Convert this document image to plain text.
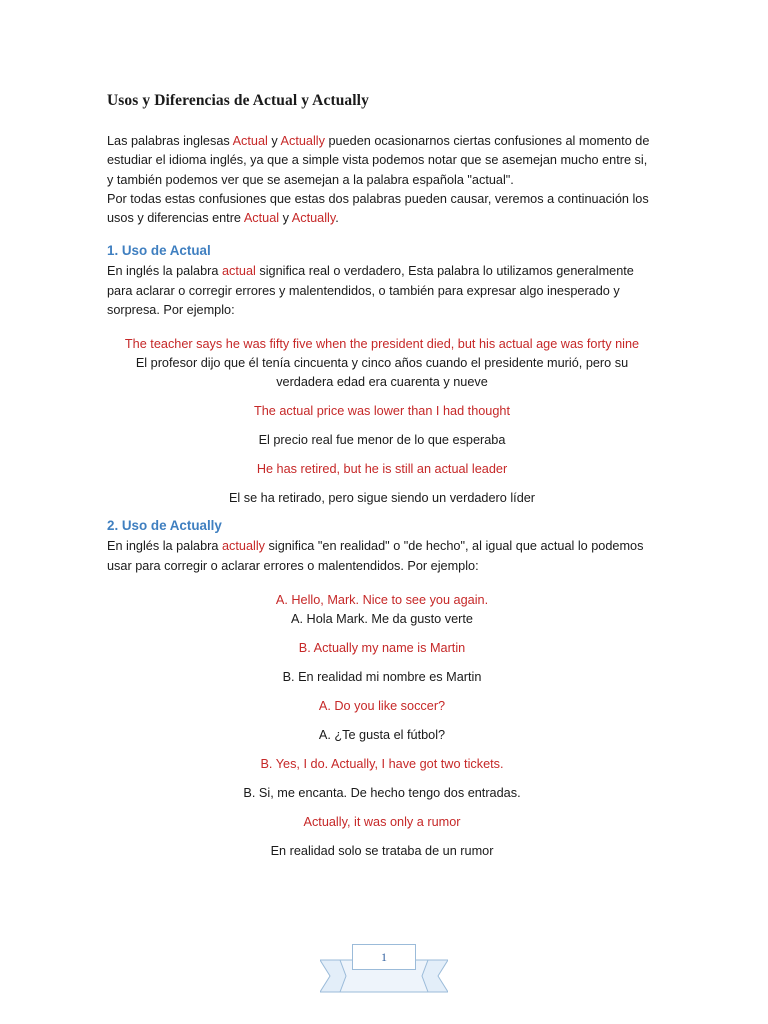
Usos y Diferencias de Actual y Actually

Las palabras inglesas Actual y Actually pueden ocasionarnos ciertas confusiones al momento de estudiar el idioma inglés, ya que a simple vista podemos notar que se asemejan mucho entre si, y también podemos ver que se asemejan a la palabra española "actual".

Por todas estas confusiones que estas dos palabras pueden causar, veremos a continuación los usos y diferencias entre Actual y Actually.

1. Uso de Actual

En inglés la palabra actual significa real o verdadero, Esta palabra lo utilizamos generalmente para aclarar o corregir errores y malentendidos, o también para expresar algo inesperado y sorpresa. Por ejemplo:

The teacher says he was fifty five when the president died, but his actual age was forty nine

El profesor dijo que él tenía cincuenta y cinco años cuando el presidente murió, pero su verdadera edad era cuarenta y nueve

The actual price was lower than I had thought

El precio real fue menor de lo que esperaba

He has retired, but he is still an actual leader

El se ha retirado, pero sigue siendo un verdadero líder

2. Uso de Actually

En inglés la palabra actually significa "en realidad" o "de hecho", al igual que actual lo podemos usar para corregir o aclarar errores o malentendidos. Por ejemplo:

A. Hello, Mark. Nice to see you again.

A. Hola Mark. Me da gusto verte

B. Actually my name is Martin

B. En realidad mi nombre es Martin

A. Do you like soccer?

A. ¿Te gusta el fútbol?

B. Yes, I do. Actually, I have got two tickets.

B. Si, me encanta. De hecho tengo dos entradas.

Actually, it was only a rumor

En realidad solo se trataba de un rumor

1
